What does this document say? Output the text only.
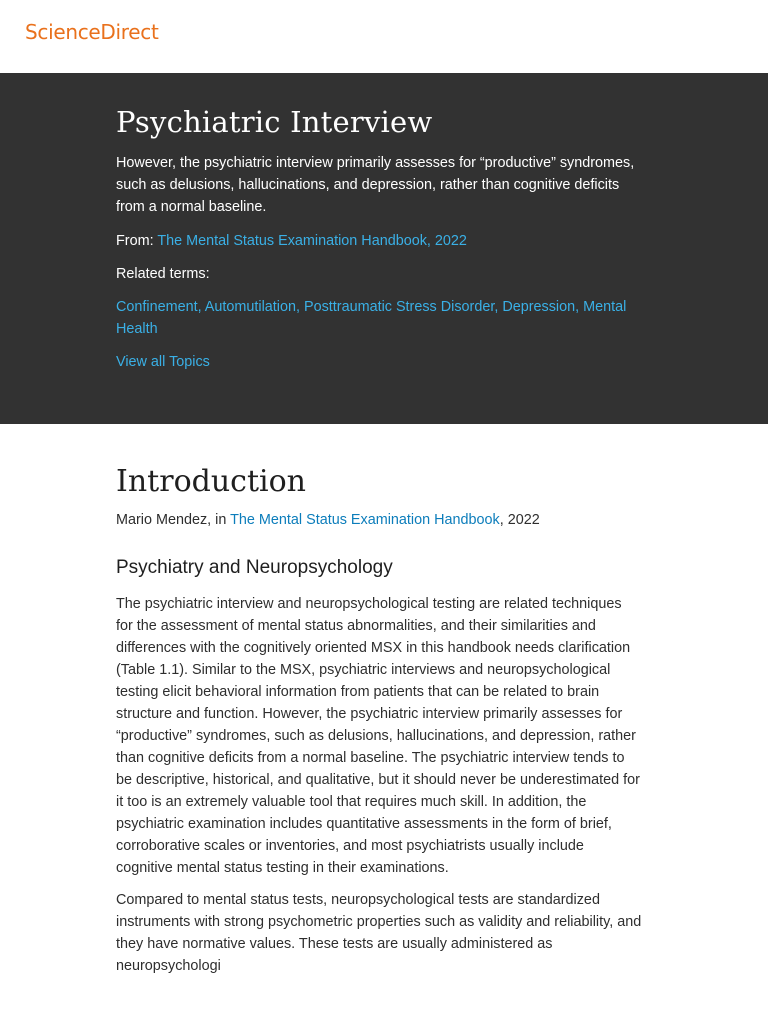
ScienceDirect
Psychiatric Interview

However, the psychiatric interview primarily assesses for “productive” syndromes, such as delusions, hallucinations, and depression, rather than cognitive deficits from a normal baseline.

From: The Mental Status Examination Handbook, 2022

Related terms:

Confinement, Automutilation, Posttraumatic Stress Disorder, Depression, Mental Health

View all Topics

Introduction

Mario Mendez, in The Mental Status Examination Handbook, 2022

Psychiatry and Neuropsychology

The psychiatric interview and neuropsychological testing are related techniques for the assessment of mental status abnormalities, and their similarities and differences with the cognitively oriented MSX in this handbook needs clarification (Table 1.1). Similar to the MSX, psychiatric interviews and neuropsychological testing elicit behavioral information from patients that can be related to brain structure and function. However, the psychiatric interview primarily assesses for “productive” syndromes, such as delusions, hallucinations, and depression, rather than cognitive deficits from a normal baseline. The psychiatric interview tends to be descriptive, historical, and qualitative, but it should never be underestimated for it too is an extremely valuable tool that requires much skill. In addition, the psychiatric examination includes quantitative assessments in the form of brief, corroborative scales or inventories, and most psychiatrists usually include cognitive mental status testing in their examinations.

Compared to mental status tests, neuropsychological tests are standardized instruments with strong psychometric properties such as validity and reliability, and they have normative values. These tests are usually administered as neuropsychologi
